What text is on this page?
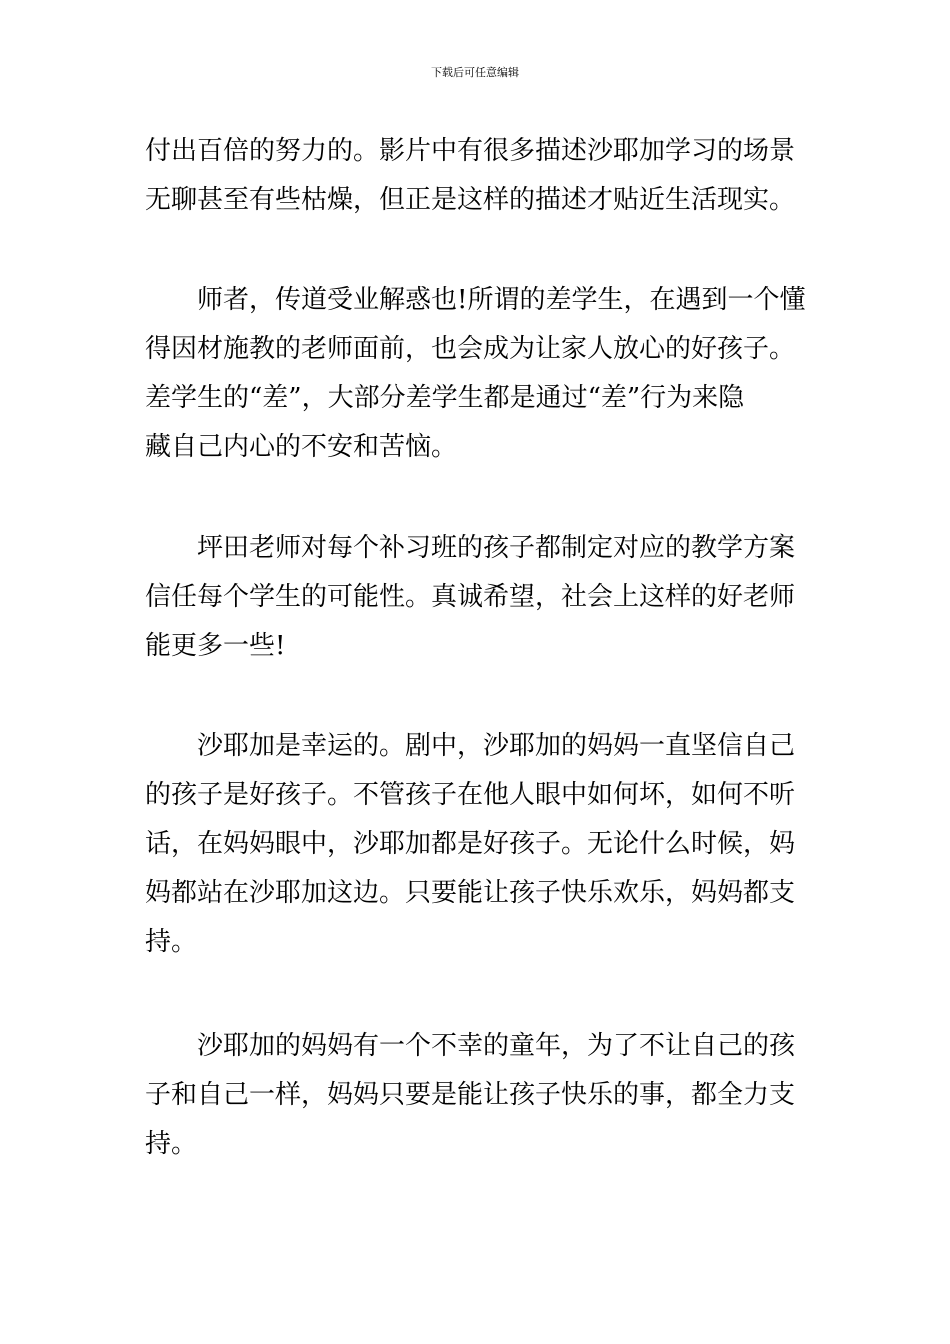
下载后可任意编辑
付出百倍的努力的。影片中有很多描述沙耶加学习的场景
无聊甚至有些枯燥，但正是这样的描述才贴近生活现实。
师者，传道受业解惑也!所谓的差学生，在遇到一个懂
得因材施教的老师面前，也会成为让家人放心的好孩子。
差学生的“差”，大部分差学生都是通过“差”行为来隐
藏自己内心的不安和苦恼。
坪田老师对每个补习班的孩子都制定对应的教学方案
信任每个学生的可能性。真诚希望，社会上这样的好老师
能更多一些!
沙耶加是幸运的。剧中，沙耶加的妈妈一直坚信自己
的孩子是好孩子。不管孩子在他人眼中如何坏，如何不听
话，在妈妈眼中，沙耶加都是好孩子。无论什么时候，妈
妈都站在沙耶加这边。只要能让孩子快乐欢乐，妈妈都支
持。
沙耶加的妈妈有一个不幸的童年，为了不让自己的孩
子和自己一样，妈妈只要是能让孩子快乐的事，都全力支
持。
